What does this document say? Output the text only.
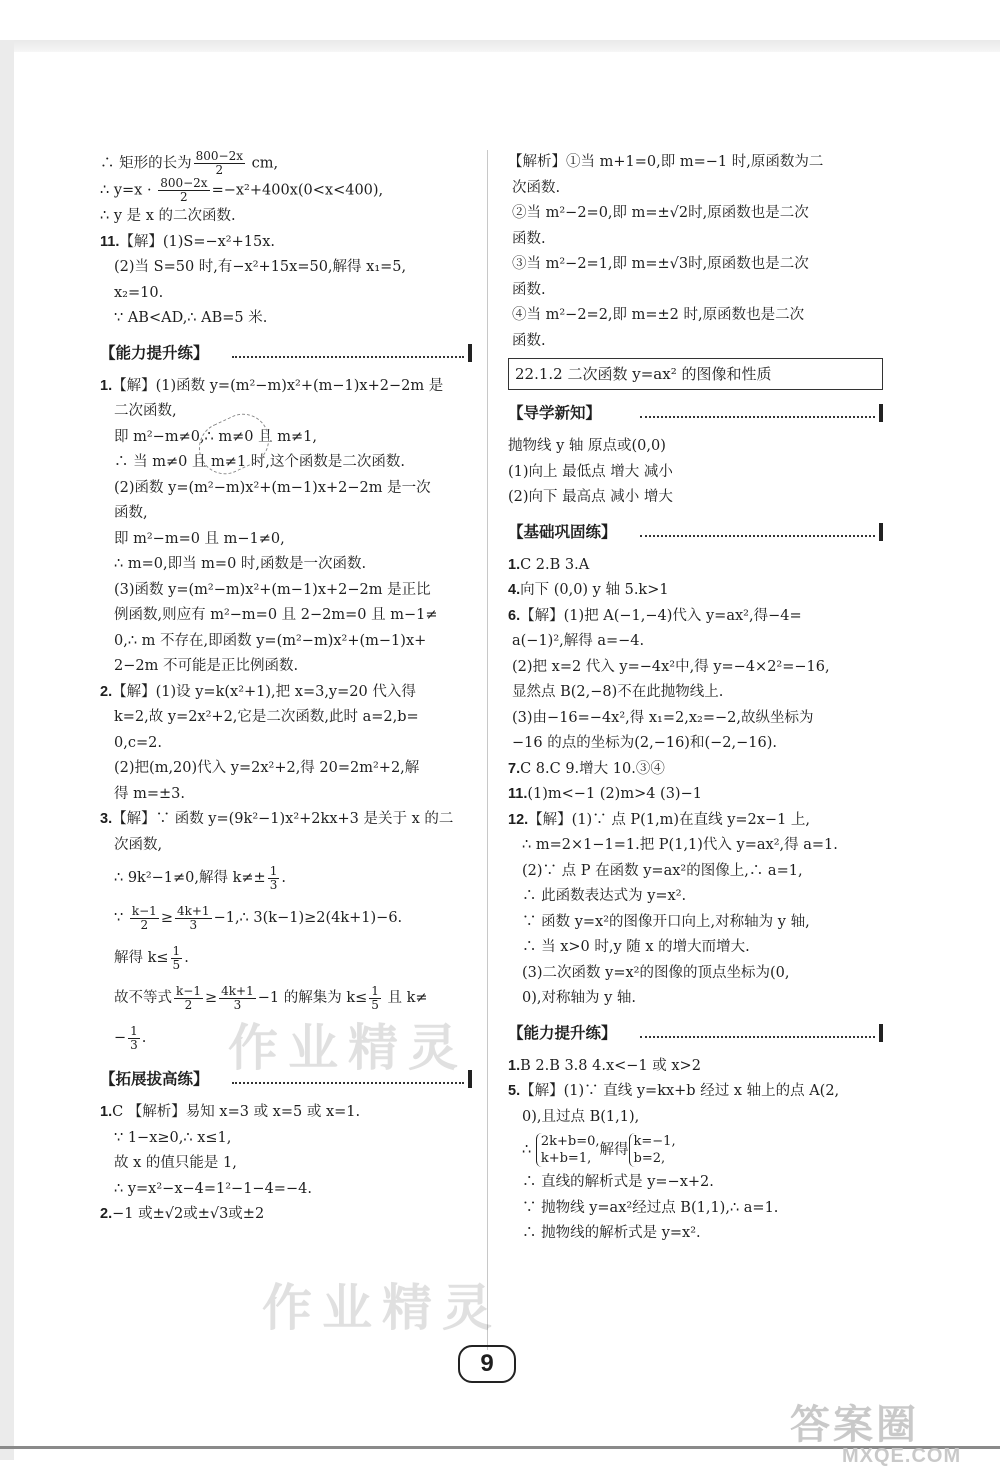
∴ 矩形的长为 $\frac{800-2x}{2}$ cm,
∴ $y=x \cdot \frac{800-2x}{2} =-x^2+400x(0<x<400)$,
∴ y 是 x 的二次函数.
11.【解】(1)S=−x²+15x.
(2)当 S=50 时,有−x²+15x=50,解得 x₁=5,
x₂=10.
∵ AB<AD,∴ AB=5 米.
【能力提升练】
1.【解】(1)函数 y=(m²−m)x²+(m−1)x+2−2m 是
二次函数,
即 m²−m≠0,∴ m≠0 且 m≠1,
∴ 当 m≠0 且 m≠1 时,这个函数是二次函数.
(2)函数 y=(m²−m)x²+(m−1)x+2−2m 是一次
函数,
即 m²−m=0 且 m−1≠0,
∴ m=0,即当 m=0 时,函数是一次函数.
(3)函数 y=(m²−m)x²+(m−1)x+2−2m 是正比
例函数,则应有 m²−m=0 且 2−2m=0 且 m−1≠
0,∴ m 不存在,即函数 y=(m²−m)x²+(m−1)x+
2−2m 不可能是正比例函数.
2.【解】(1)设 y=k(x²+1),把 x=3,y=20 代入得
k=2,故 y=2x²+2,它是二次函数,此时 a=2,b=
0,c=2.
(2)把(m,20)代入 y=2x²+2,得 20=2m²+2,解
得 m=±3.
3.【解】∵ 函数 y=(9k²−1)x²+2kx+3 是关于 x 的二
次函数,
∴ 9k²−1≠0,解得 $k\ne\pm \frac{1}{3}$ .
∵ $\frac{k-1}{2} \ge \frac{4k+1}{3}$ −1,∴ 3(k−1)≥2(4k+1)−6.
解得 $k\le \frac{1}{5}$ .
故不等式 $\frac{k-1}{2} \ge \frac{4k+1}{3} -1$ 的解集为 $k\le \frac{1}{5}$ 且 k≠
− $\frac{1}{3}$ .
【拓展拔高练】
1.C 【解析】易知 x=3 或 x=5 或 x=1.
∵ 1−x≥0,∴ x≤1,
故 x 的值只能是 1,
∴ y=x²−x−4=1²−1−4=−4.
2.−1 或±√2或±√3或±2
【解析】①当 m+1=0,即 m=−1 时,原函数为二
次函数.
②当 m²−2=0,即 m=±√2时,原函数也是二次
函数.
③当 m²−2=1,即 m=±√3时,原函数也是二次
函数.
④当 m²−2=2,即 m=±2 时,原函数也是二次
函数.
22.1.2 二次函数 y=ax² 的图像和性质
【导学新知】
抛物线 y 轴 原点或(0,0)
(1)向上 最低点 增大 减小
(2)向下 最高点 减小 增大
【基础巩固练】
1.C 2.B 3.A
4.向下 (0,0) y 轴 5.k>1
6.【解】(1)把 A(−1,−4)代入 y=ax²,得−4=
a(−1)²,解得 a=−4.
(2)把 x=2 代入 y=−4x²中,得 y=−4×2²=−16,
显然点 B(2,−8)不在此抛物线上.
(3)由−16=−4x²,得 x₁=2,x₂=−2,故纵坐标为
−16 的点的坐标为(2,−16)和(−2,−16).
7.C 8.C 9.增大 10.③④
11.(1)m<−1 (2)m>4 (3)−1
12.【解】(1)∵ 点 P(1,m)在直线 y=2x−1 上,
∴ m=2×1−1=1.把 P(1,1)代入 y=ax²,得 a=1.
(2)∵ 点 P 在函数 y=ax²的图像上,∴ a=1,
∴ 此函数表达式为 y=x².
∵ 函数 y=x²的图像开口向上,对称轴为 y 轴,
∴ 当 x>0 时,y 随 x 的增大而增大.
(3)二次函数 y=x²的图像的顶点坐标为(0,
0),对称轴为 y 轴.
【能力提升练】
1.B 2.B 3.8 4.x<−1 或 x>2
5.【解】(1)∵ 直线 y=kx+b 经过 x 轴上的点 A(2,
0),且过点 B(1,1),
∴
2k+b=0,
k+b=1,
解得
k=−1,
b=2,
∴ 直线的解析式是 y=−x+2.
∵ 抛物线 y=ax²经过点 B(1,1),∴ a=1.
∴ 抛物线的解析式是 y=x².
作业精灵
作业精灵
9
答案圈
MXQE.COM
